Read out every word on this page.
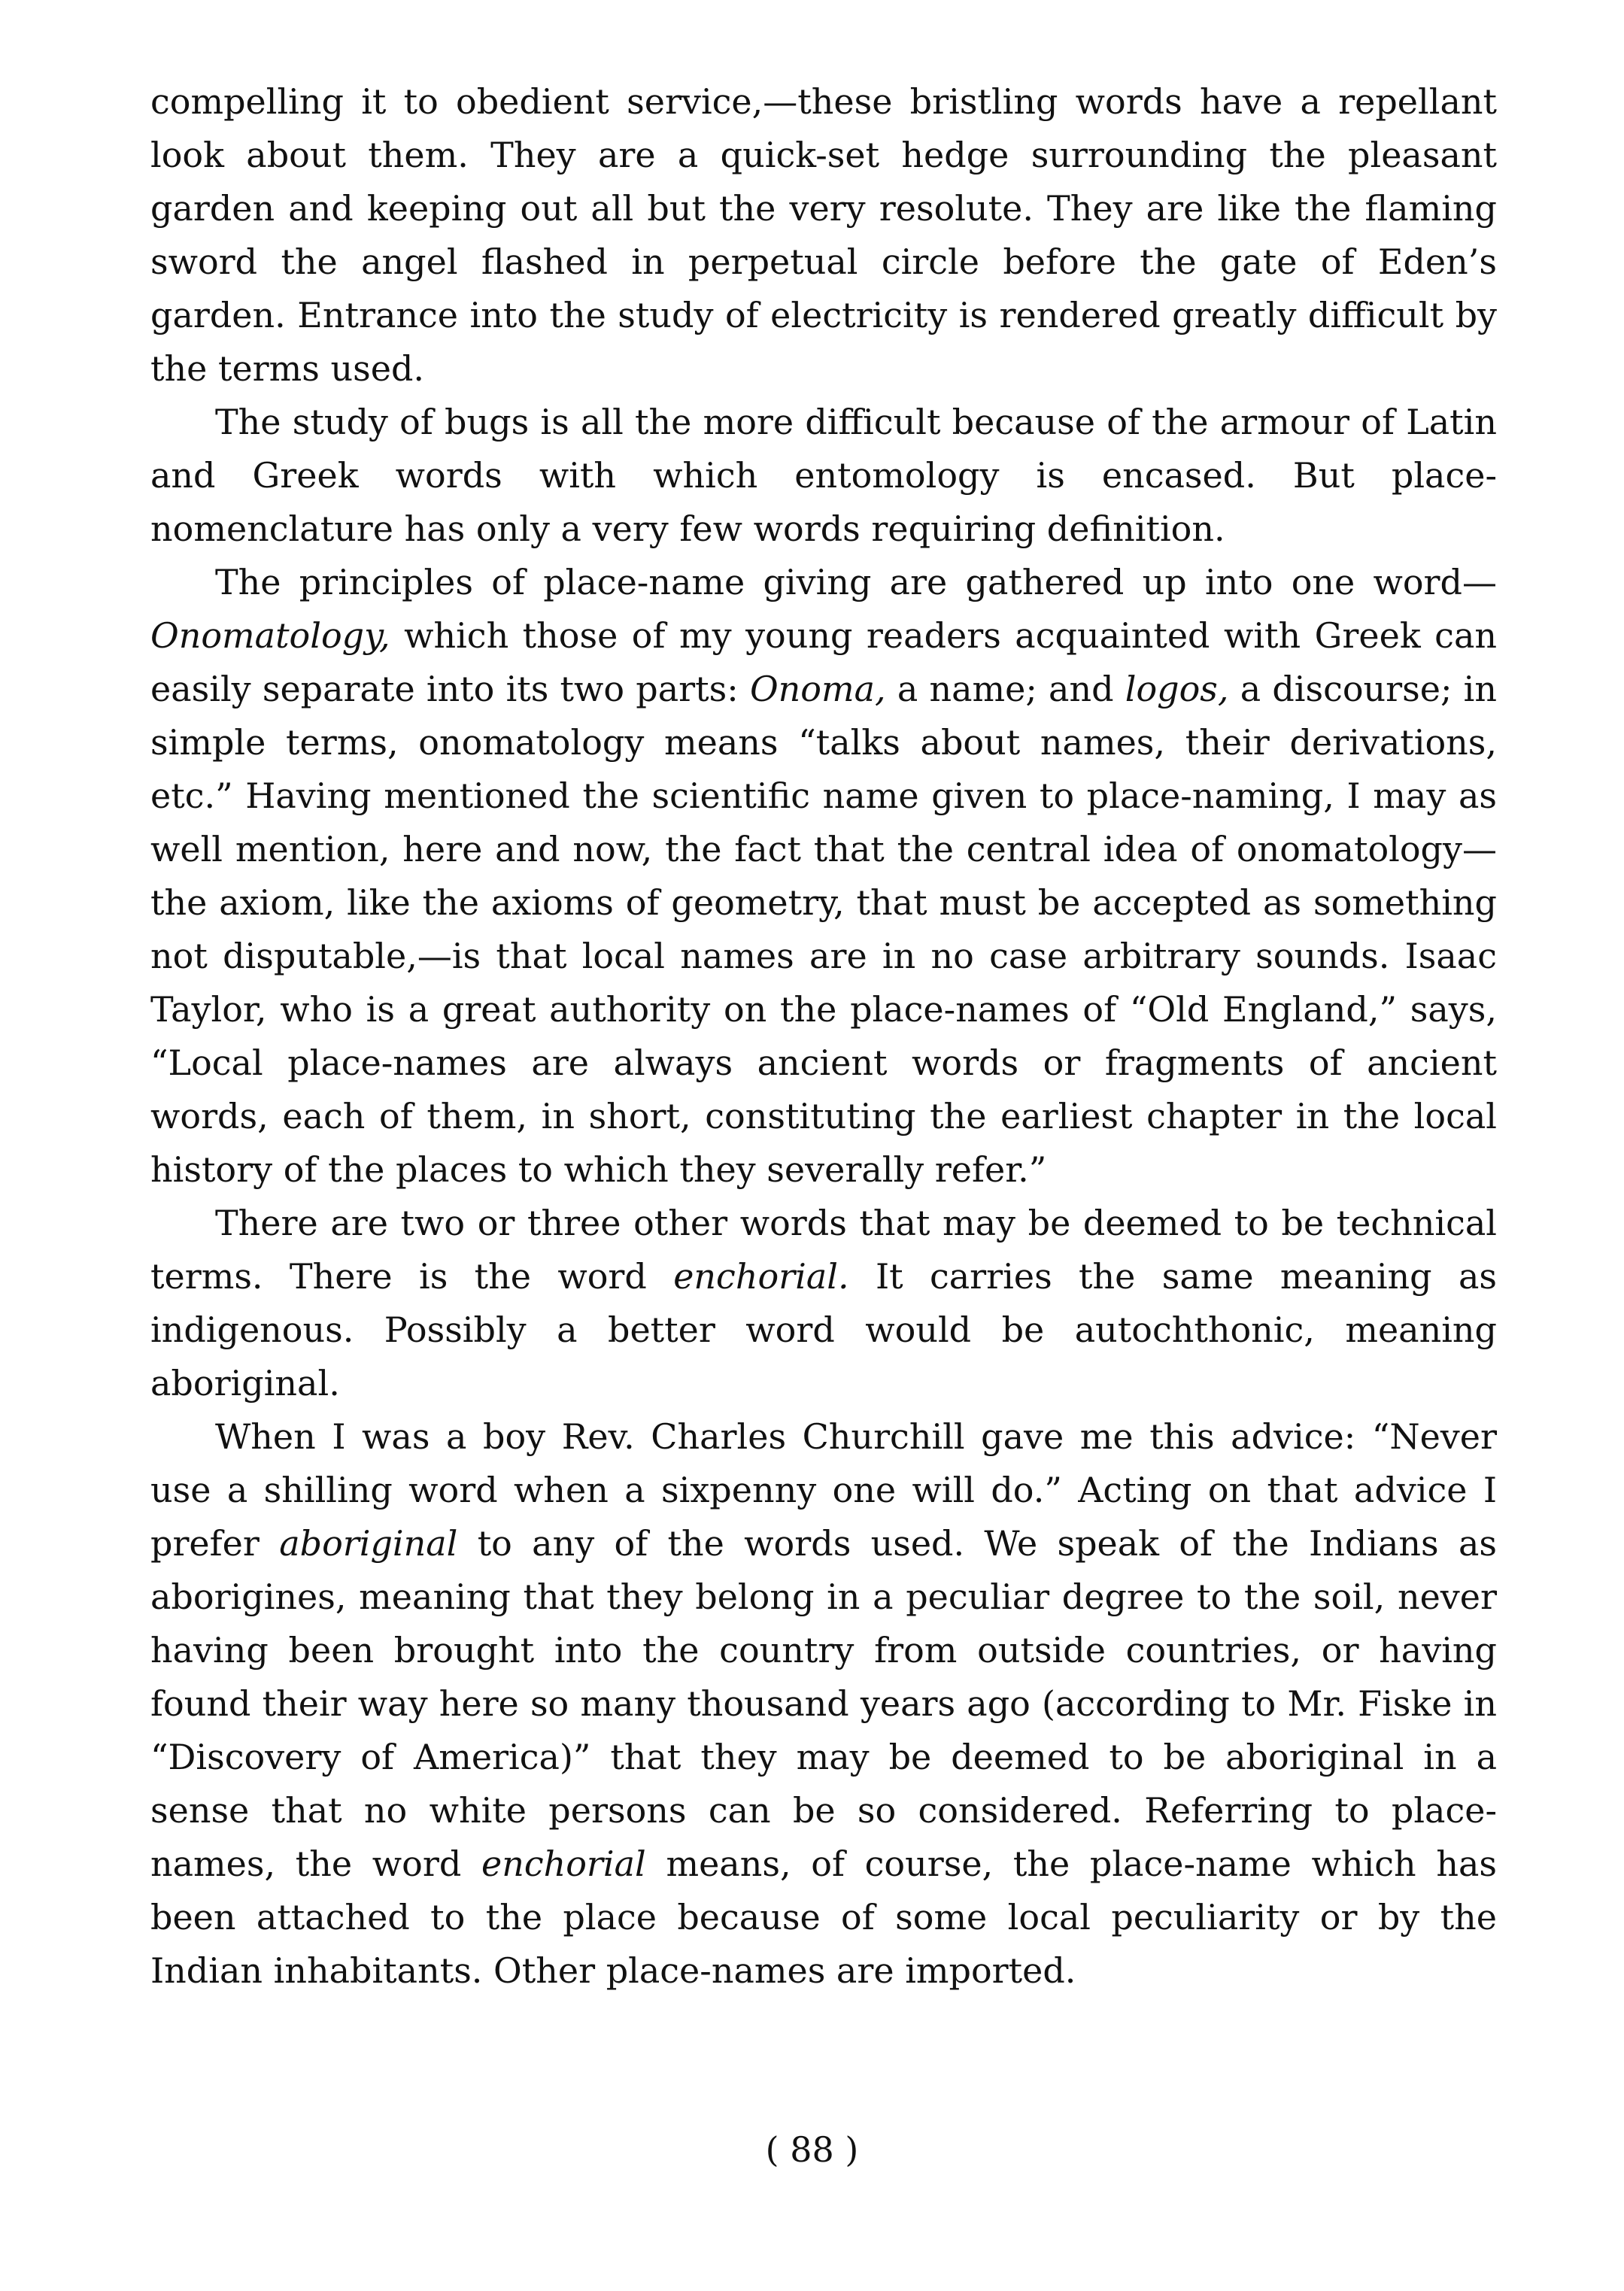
compelling it to obedient service,—these bristling words have a repellant look about them. They are a quick-set hedge surrounding the pleasant garden and keeping out all but the very resolute. They are like the flaming sword the angel flashed in perpetual circle before the gate of Eden’s garden. Entrance into the study of electricity is rendered greatly difficult by the terms used.

The study of bugs is all the more difficult because of the armour of Latin and Greek words with which entomology is encased. But place-nomenclature has only a very few words requiring definition.

The principles of place-name giving are gathered up into one word—Onomatology, which those of my young readers acquainted with Greek can easily separate into its two parts: Onoma, a name; and logos, a discourse; in simple terms, onomatology means “talks about names, their derivations, etc.” Having mentioned the scientific name given to place-naming, I may as well mention, here and now, the fact that the central idea of onomatology—the axiom, like the axioms of geometry, that must be accepted as something not disputable,—is that local names are in no case arbitrary sounds. Isaac Taylor, who is a great authority on the place-names of “Old England,” says, “Local place-names are always ancient words or fragments of ancient words, each of them, in short, constituting the earliest chapter in the local history of the places to which they severally refer.”

There are two or three other words that may be deemed to be technical terms. There is the word enchorial. It carries the same meaning as indigenous. Possibly a better word would be autochthonic, meaning aboriginal.

When I was a boy Rev. Charles Churchill gave me this advice: “Never use a shilling word when a sixpenny one will do.” Acting on that advice I prefer aboriginal to any of the words used. We speak of the Indians as aborigines, meaning that they belong in a peculiar degree to the soil, never having been brought into the country from outside countries, or having found their way here so many thousand years ago (according to Mr. Fiske in “Discovery of America)” that they may be deemed to be aboriginal in a sense that no white persons can be so considered. Referring to place-names, the word enchorial means, of course, the place-name which has been attached to the place because of some local peculiarity or by the Indian inhabitants. Other place-names are imported.

( 88 )
